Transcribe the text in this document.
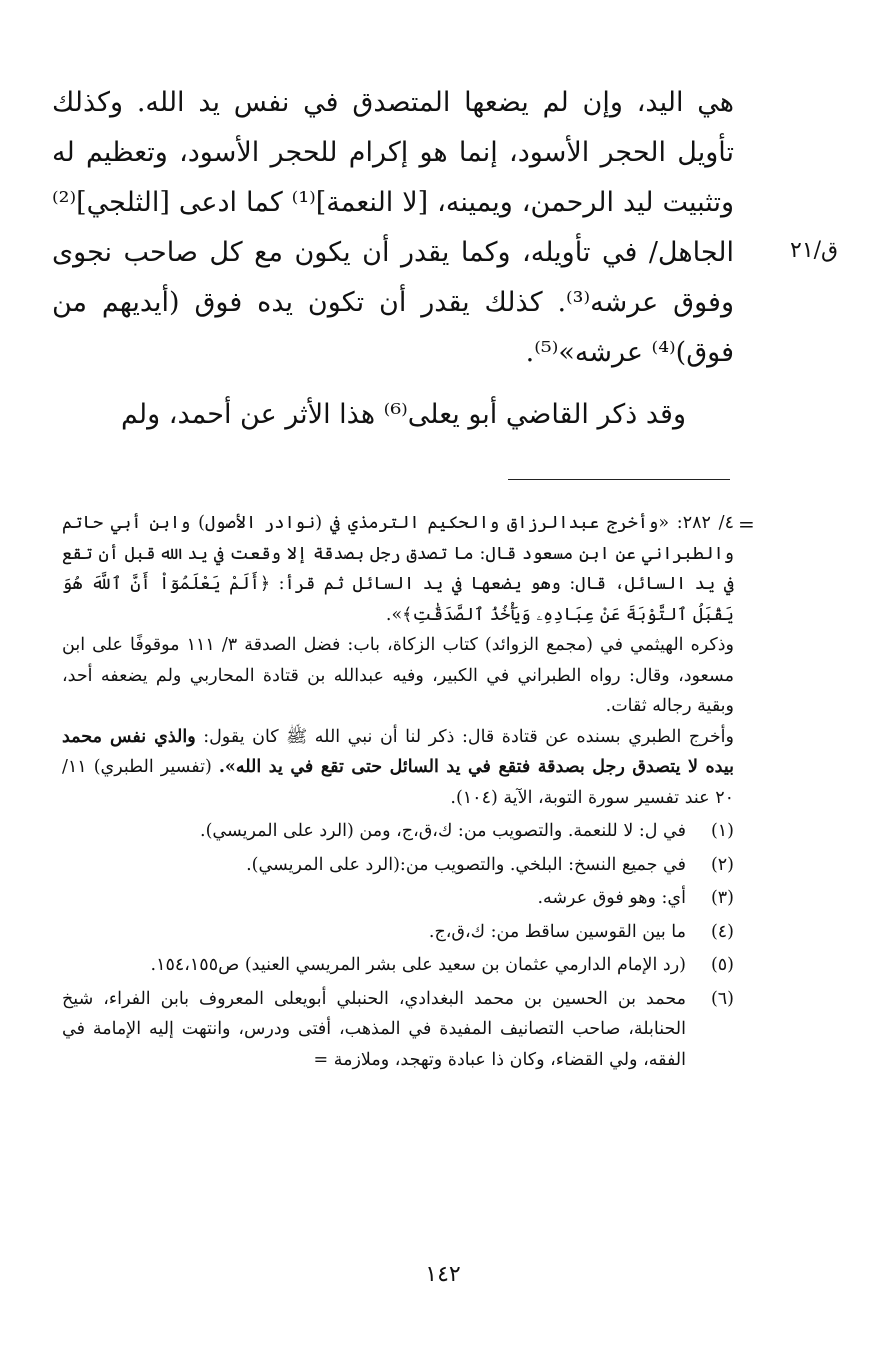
هي اليد، وإن لم يضعها المتصدق في نفس يد الله. وكذلك تأويل الحجر الأسود، إنما هو إكرام للحجر الأسود، وتعظيم له وتثبيت ليد الرحمن، ويمينه، [لا النعمة]⁽¹⁾ كما ادعى [الثلجي]⁽²⁾ الجاهل/ في تأويله، وكما يقدر أن يكون مع كل صاحب نجوى وفوق عرشه⁽³⁾. كذلك يقدر أن تكون يده فوق (أيديهم من فوق)⁽⁴⁾ عرشه»⁽⁵⁾.

وقد ذكر القاضي أبو يعلى⁽⁶⁾ هذا الأثر عن أحمد، ولم

ق/٢١
=

٤/ ٢٨٢: «وأخرج عبدالرزاق والحكيم الترمذي في (نوادر الأصول) وابن أبي حاتم والطبراني عن ابن مسعود قال: ما تصدق رجل بصدقة إلا وقعت في يد الله قبل أن تقع في يد السائل، قال: وهو يضعها في يد السائل ثم قرأ: ﴿أَلَمْ يَعْلَمُوٓاْ أَنَّ ٱللَّهَ هُوَ يَقْبَلُ ٱلتَّوْبَةَ عَنْ عِبَادِهِۦ وَيَأْخُذُ ٱلصَّدَقَٰتِ﴾».

وذكره الهيثمي في (مجمع الزوائد) كتاب الزكاة، باب: فضل الصدقة ٣/ ١١١ موقوفًا على ابن مسعود، وقال: رواه الطبراني في الكبير، وفيه عبدالله بن قتادة المحاربي ولم يضعفه أحد، وبقية رجاله ثقات.

وأخرج الطبري بسنده عن قتادة قال: ذكر لنا أن نبي الله ﷺ كان يقول: والذي نفس محمد بيده لا يتصدق رجل بصدقة فتقع في يد السائل حتى تقع في يد الله». (تفسير الطبري) ١١/ ٢٠ عند تفسير سورة التوبة، الآية (١٠٤).

(١)
في ل: لا للنعمة. والتصويب من: ك،ق،ج، ومن (الرد على المريسي).
(٢)
في جميع النسخ: البلخي. والتصويب من:(الرد على المريسي).
(٣)
أي: وهو فوق عرشه.
(٤)
ما بين القوسين ساقط من: ك،ق،ج.
(٥)
(رد الإمام الدارمي عثمان بن سعيد على بشر المريسي العنيد) ص١٥٤،١٥٥.
(٦)
محمد بن الحسين بن محمد البغدادي، الحنبلي أبويعلى المعروف بابن الفراء، شيخ الحنابلة، صاحب التصانيف المفيدة في المذهب، أفتى ودرس، وانتهت إليه الإمامة في الفقه، ولي القضاء، وكان ذا عبادة وتهجد، وملازمة =
١٤٢
